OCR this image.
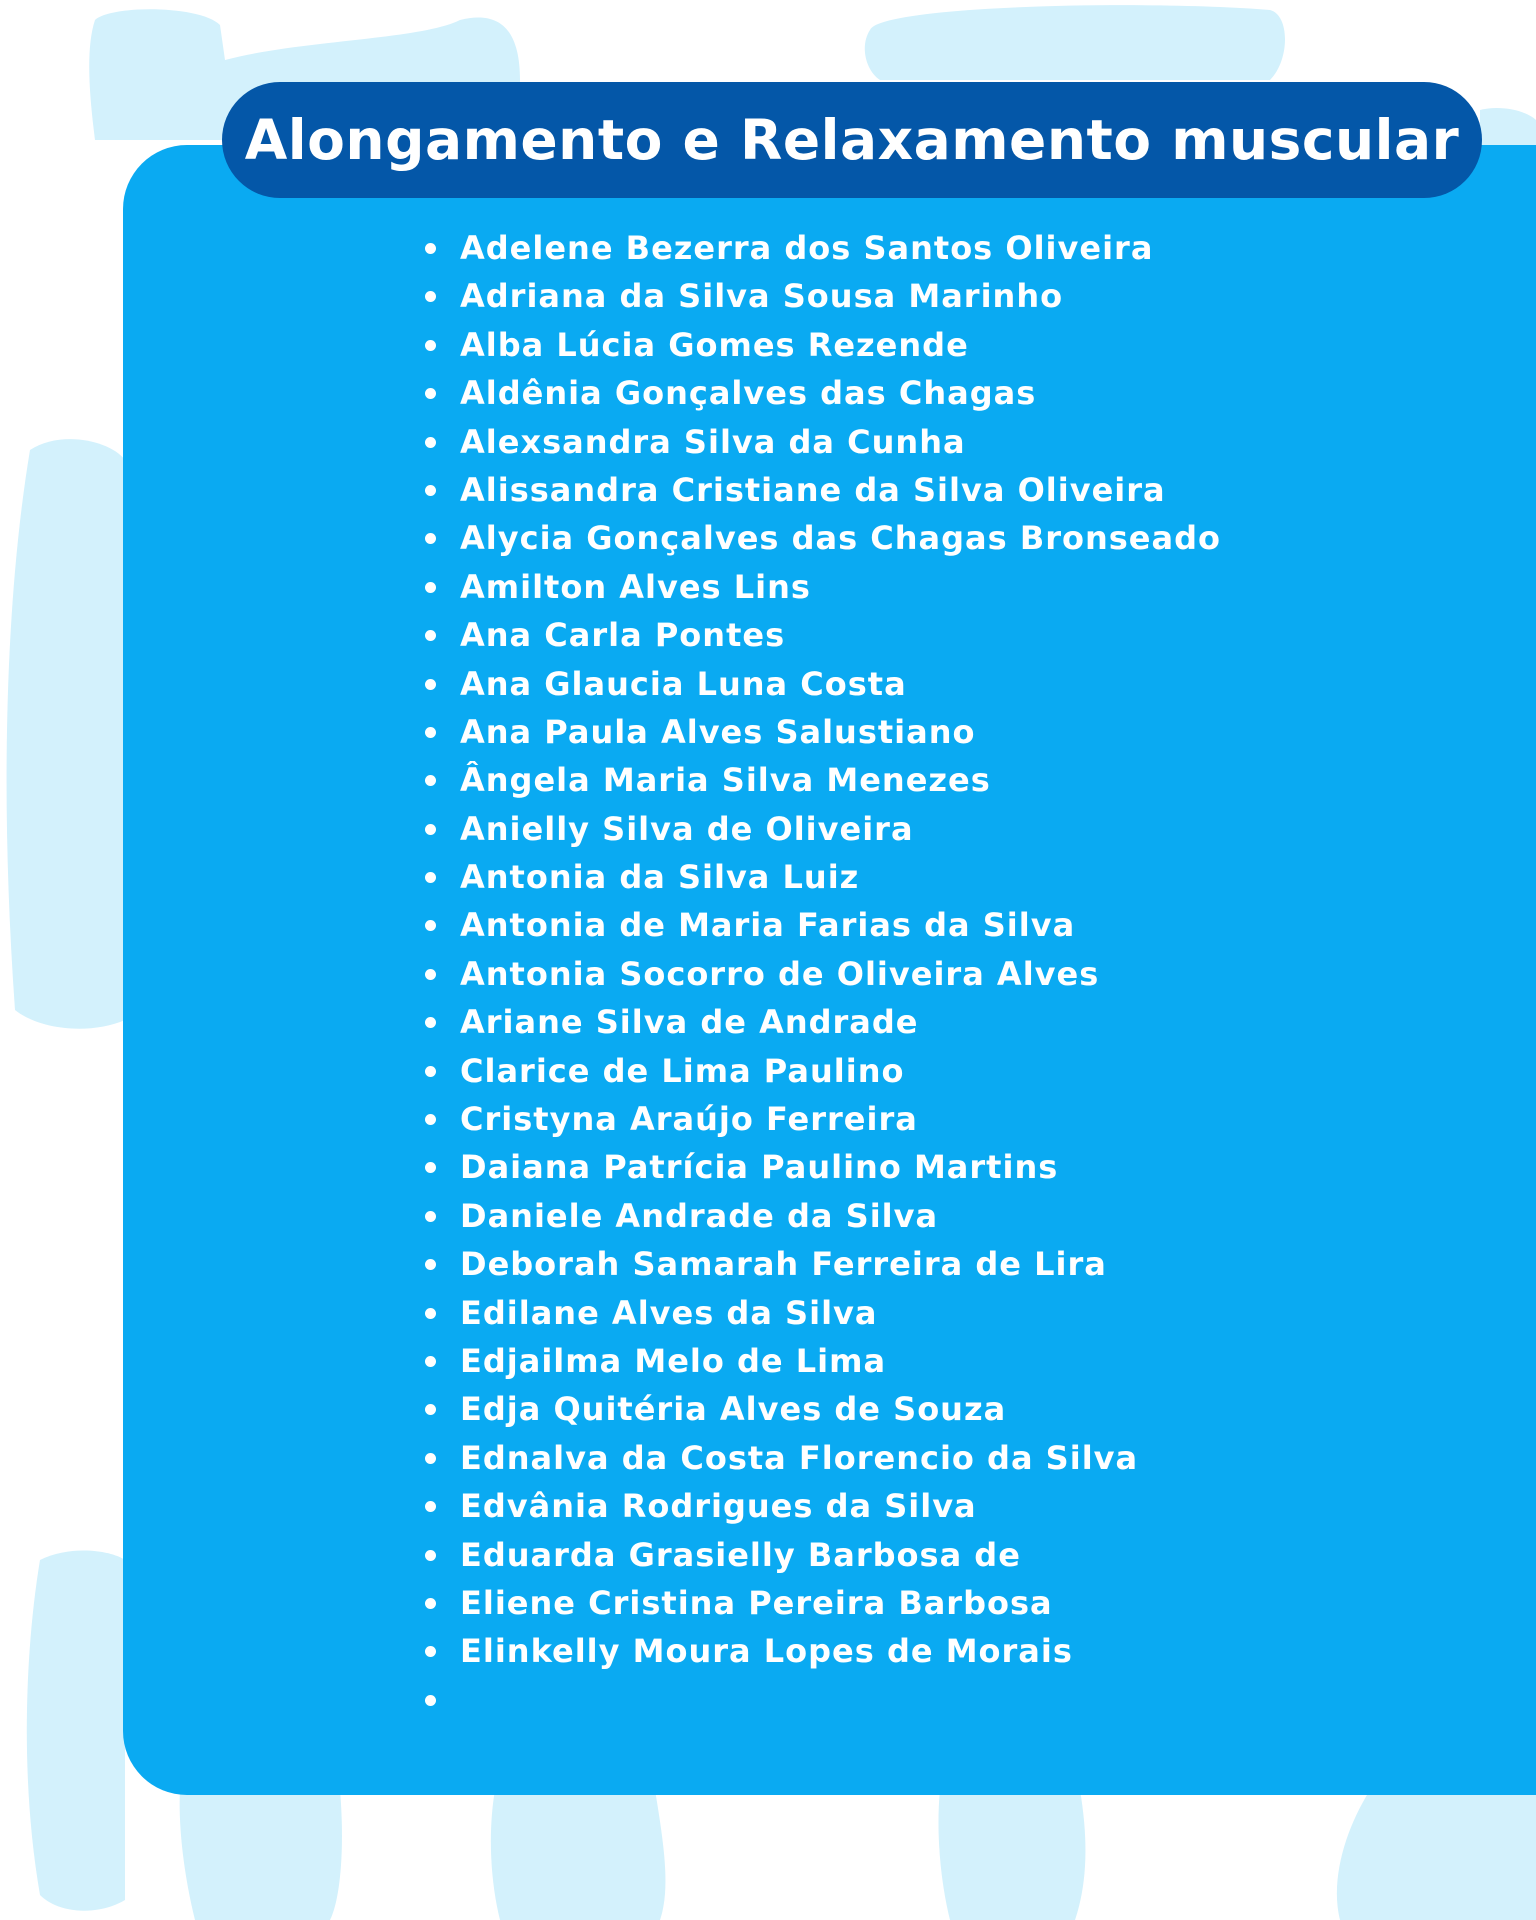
Alongamento e Relaxamento muscular
Adelene Bezerra dos Santos Oliveira
Adriana da Silva Sousa Marinho
Alba Lúcia Gomes Rezende
Aldênia Gonçalves das Chagas
Alexsandra Silva da Cunha
Alissandra Cristiane da Silva Oliveira
Alycia Gonçalves das Chagas Bronseado
Amilton Alves Lins
Ana Carla Pontes
Ana Glaucia Luna Costa
Ana Paula Alves Salustiano
Ângela Maria Silva Menezes
Anielly Silva de Oliveira
Antonia da Silva Luiz
Antonia de Maria Farias da Silva
Antonia Socorro de Oliveira Alves
Ariane Silva de Andrade
Clarice de Lima Paulino
Cristyna Araújo Ferreira
Daiana Patrícia Paulino Martins
Daniele Andrade da Silva
Deborah Samarah Ferreira de Lira
Edilane Alves da Silva
Edjailma Melo de Lima
Edja Quitéria Alves de Souza
Ednalva da Costa Florencio da Silva
Edvânia Rodrigues da Silva
Eduarda Grasielly Barbosa de
Eliene Cristina Pereira Barbosa
Elinkelly Moura Lopes de Morais
